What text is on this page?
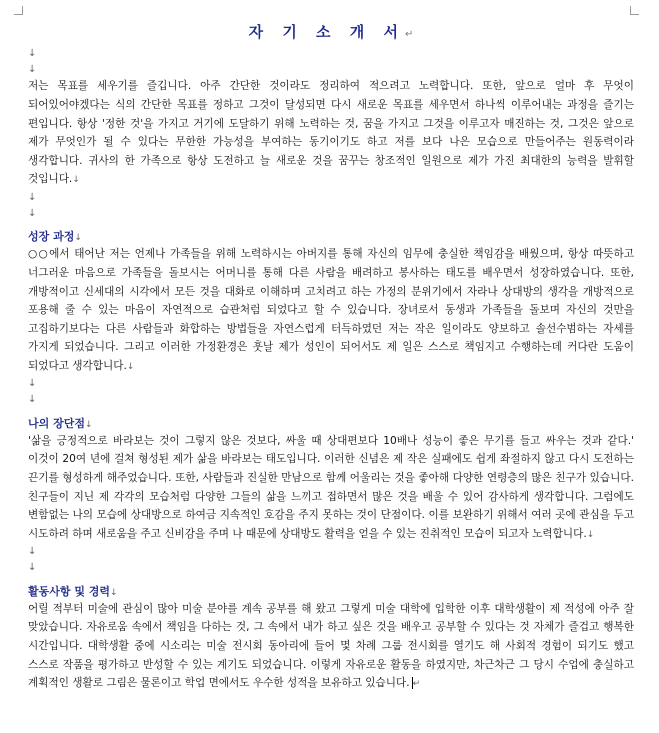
자 기 소 개 서↵
↓
↓

저는 목표를 세우기를 즐깁니다. 아주 간단한 것이라도 정리하여 적으려고 노력합니다. 또한, 앞으로 얼마 후 무엇이 되어있어야겠다는 식의 간단한 목표를 정하고 그것이 달성되면 다시 새로운 목표를 세우면서 하나씩 이루어내는 과정을 즐기는 편입니다. 항상 '정한 것'을 가지고 거기에 도달하기 위해 노력하는 것, 꿈을 가지고 그것을 이루고자 매진하는 것, 그것은 앞으로 제가 무엇인가 될 수 있다는 무한한 가능성을 부여하는 동기이기도 하고 저를 보다 나은 모습으로 만들어주는 원동력이라 생각합니다. 귀사의 한 가족으로 항상 도전하고 늘 새로운 것을 꿈꾸는 창조적인 일원으로 제가 가진 최대한의 능력을 발휘할 것입니다.↓

↓
↓
성장 과정↓

○○에서 태어난 저는 언제나 가족들을 위해 노력하시는 아버지를 통해 자신의 임무에 충실한 책임감을 배웠으며, 항상 따뜻하고 너그러운 마음으로 가족들을 돌보시는 어머니를 통해 다른 사람을 배려하고 봉사하는 태도를 배우면서 성장하였습니다. 또한, 개방적이고 신세대의 시각에서 모든 것을 대화로 이해하며 고치려고 하는 가정의 분위기에서 자라나 상대방의 생각을 개방적으로 포용해 줄 수 있는 마음이 자연적으로 습관처럼 되었다고 할 수 있습니다. 장녀로서 동생과 가족들을 돌보며 자신의 것만을 고집하기보다는 다른 사람들과 화합하는 방법들을 자연스럽게 터득하였던 저는 작은 일이라도 양보하고 솔선수범하는 자세를 가지게 되었습니다. 그리고 이러한 가정환경은 훗날 제가 성인이 되어서도 제 일은 스스로 책임지고 수행하는데 커다란 도움이 되었다고 생각합니다.↓

↓
↓
나의 장단점↓

'삶을 긍정적으로 바라보는 것이 그렇지 않은 것보다, 싸울 때 상대편보다 10배나 성능이 좋은 무기를 들고 싸우는 것과 같다.' 이것이 20여 년에 걸쳐 형성된 제가 삶을 바라보는 태도입니다. 이러한 신념은 제 작은 실패에도 쉽게 좌절하지 않고 다시 도전하는 끈기를 형성하게 해주었습니다. 또한, 사람들과 진실한 만남으로 함께 어울리는 것을 좋아해 다양한 연령층의 많은 친구가 있습니다. 친구들이 지닌 제 각각의 모습처럼 다양한 그들의 삶을 느끼고 접하면서 많은 것을 배울 수 있어 감사하게 생각합니다. 그럼에도 변함없는 나의 모습에 상대방으로 하여금 지속적인 호감을 주지 못하는 것이 단점이다. 이를 보완하기 위해서 여러 곳에 관심을 두고 시도하려 하며 새로움을 주고 신비감을 주며 나 때문에 상대방도 활력을 얻을 수 있는 진취적인 모습이 되고자 노력합니다.↓

↓
↓
활동사항 및 경력↓

어릴 적부터 미술에 관심이 많아 미술 분야를 계속 공부를 해 왔고 그렇게 미술 대학에 입학한 이후 대학생활이 제 적성에 아주 잘 맞았습니다. 자유로움 속에서 책임을 다하는 것, 그 속에서 내가 하고 싶은 것을 배우고 공부할 수 있다는 것 자체가 즐겁고 행복한 시간입니다. 대학생활 중에 시소리는 미술 전시회 동아리에 들어 몇 차례 그룹 전시회를 열기도 해 사회적 경험이 되기도 했고 스스로 작품을 평가하고 반성할 수 있는 계기도 되었습니다. 이렇게 자유로운 활동을 하였지만, 차근차근 그 당시 수업에 충실하고 계획적인 생활로 그림은 물론이고 학업 면에서도 우수한 성적을 보유하고 있습니다. ↵
